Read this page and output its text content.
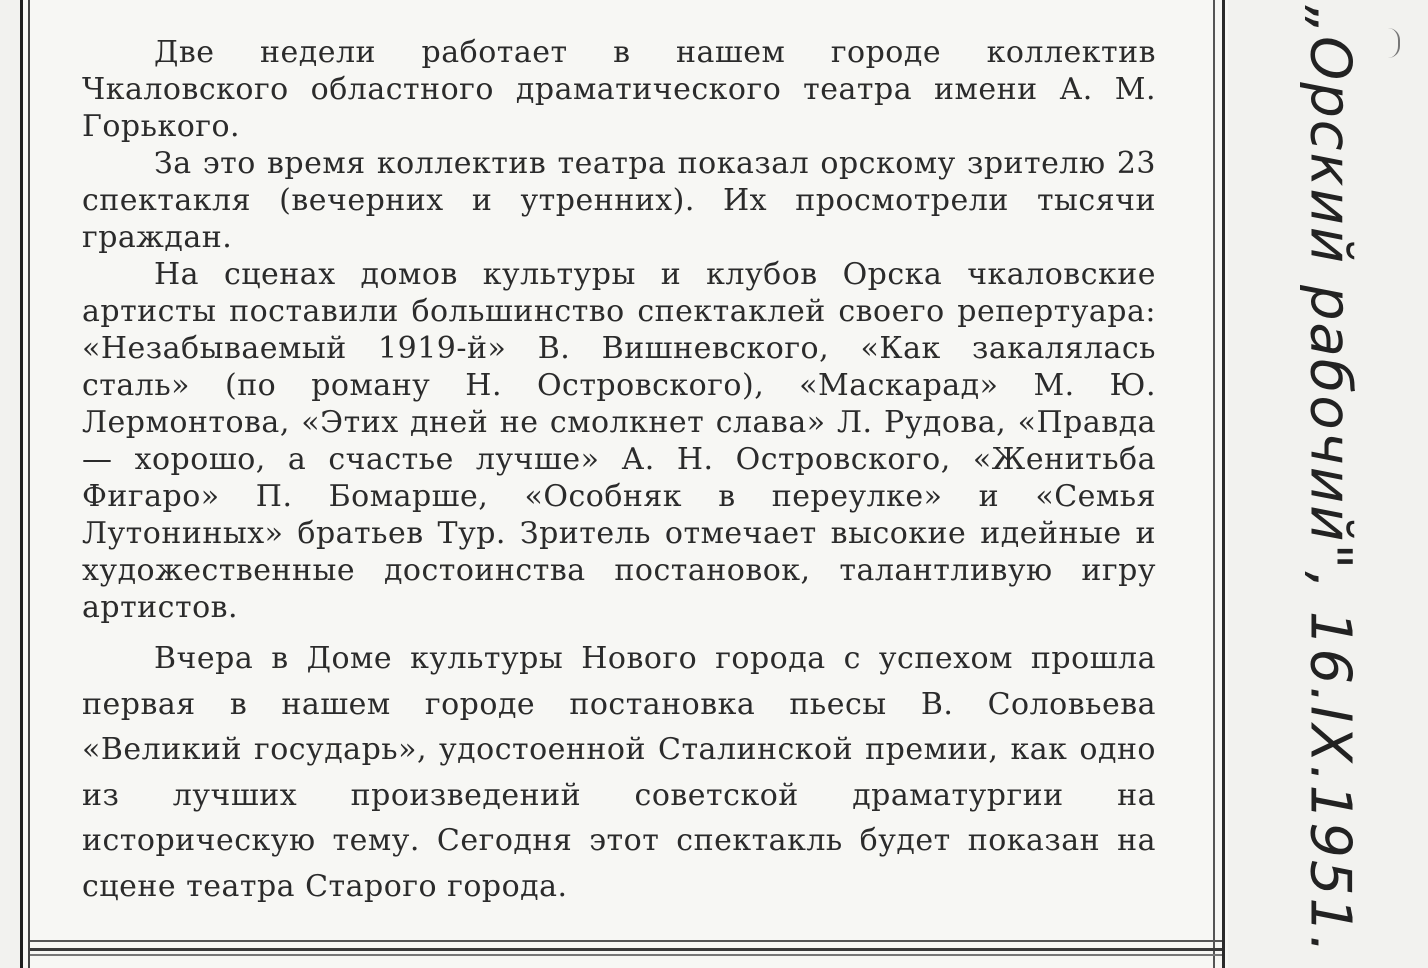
Две недели работает в нашем городе коллектив Чкаловского областного драматического театра имени А. М. Горького.

За это время коллектив театра показал орскому зрителю 23 спектакля (вечерних и утренних). Их просмотрели тысячи граждан.

На сценах домов культуры и клубов Орска чкаловские артисты поставили большинство спектаклей своего репертуара: «Незабываемый 1919-й» В. Вишневского, «Как закалялась сталь» (по роману Н. Островского), «Маскарад» М. Ю. Лермонтова, «Этих дней не смолкнет слава» Л. Рудова, «Правда — хорошо, а счастье лучше» А. Н. Островского, «Женитьба Фигаро» П. Бомарше, «Особняк в переулке» и «Семья Лутониных» братьев Тур. Зритель отмечает высокие идейные и художественные достоинства постановок, талантливую игру артистов.

Вчера в Доме культуры Нового города с успехом прошла первая в нашем городе постановка пьесы В. Соловьева «Великий государь», удостоенной Сталинской премии, как одно из лучших произведений советской драматургии на историческую тему. Сегодня этот спектакль будет показан на сцене театра Старого города.	„Орский рабочий", 16.IX.1951.
